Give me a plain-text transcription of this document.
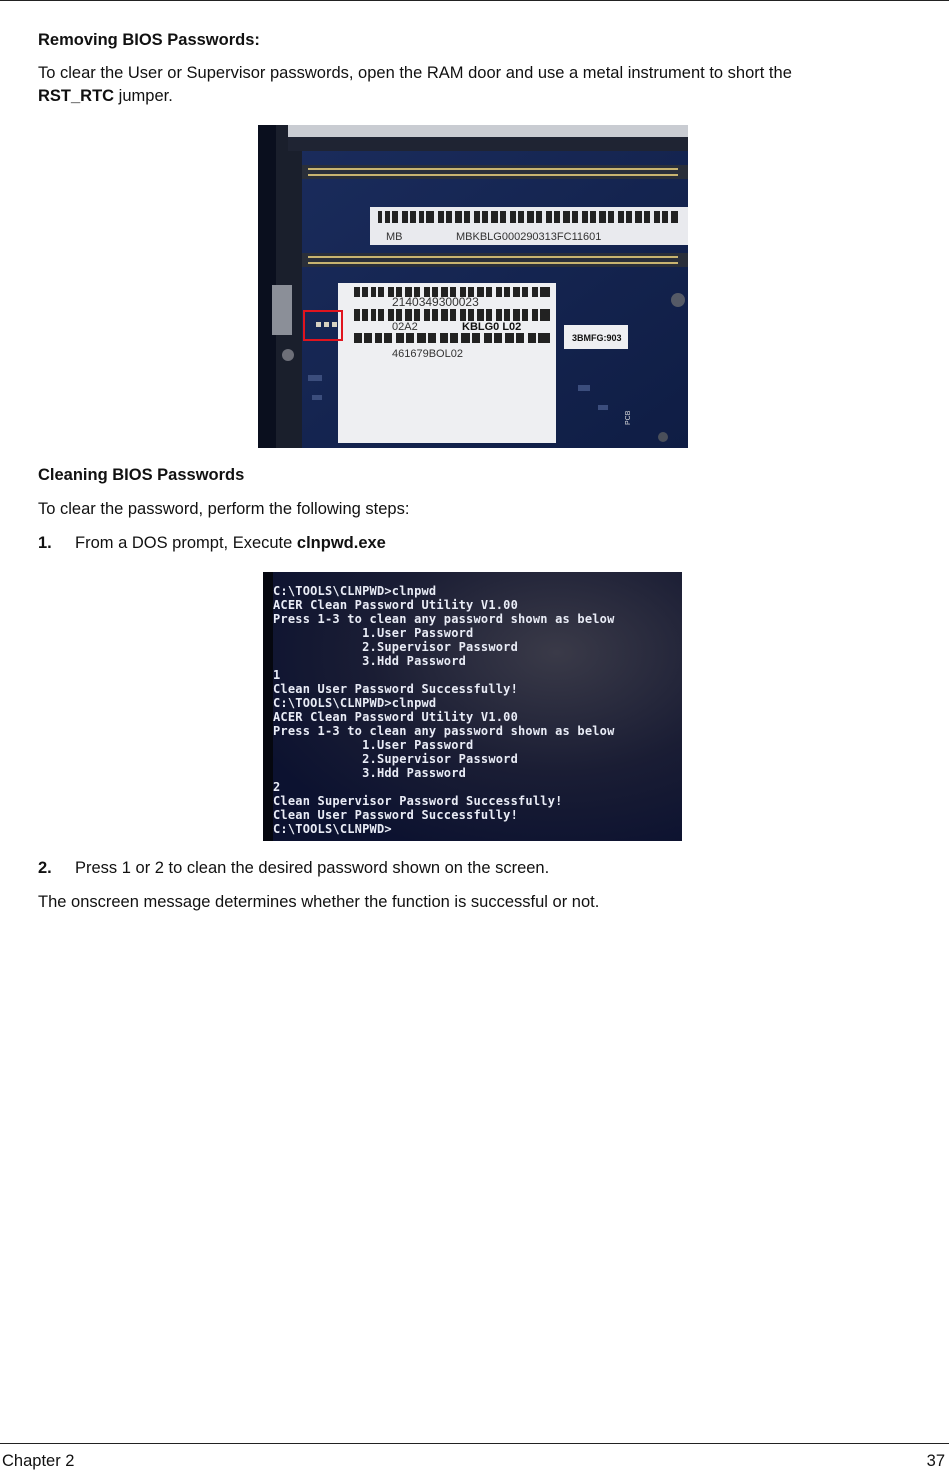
Removing BIOS Passwords:
To clear the User or Supervisor passwords, open the RAM door and use a metal instrument to short the
RST_RTC jumper.
MB	MBKBLG000290313FC11601
2140349300023
02A2	KBLG0 L02
461679BOL02
3BMFG:903
PCB
Cleaning BIOS Passwords
To clear the password, perform the following steps:
1. From a DOS prompt, Execute clnpwd.exe
C:\TOOLS\CLNPWD>clnpwd
ACER Clean Password Utility V1.00
Press 1-3 to clean any password shown as below
1.User Password
2.Supervisor Password
3.Hdd Password
1
Clean User Password Successfully!
C:\TOOLS\CLNPWD>clnpwd
ACER Clean Password Utility V1.00
Press 1-3 to clean any password shown as below
1.User Password
2.Supervisor Password
3.Hdd Password
2
Clean Supervisor Password Successfully!
Clean User Password Successfully!
C:\TOOLS\CLNPWD>
2. Press 1 or 2 to clean the desired password shown on the screen.
The onscreen message determines whether the function is successful or not.
Chapter 2	37
